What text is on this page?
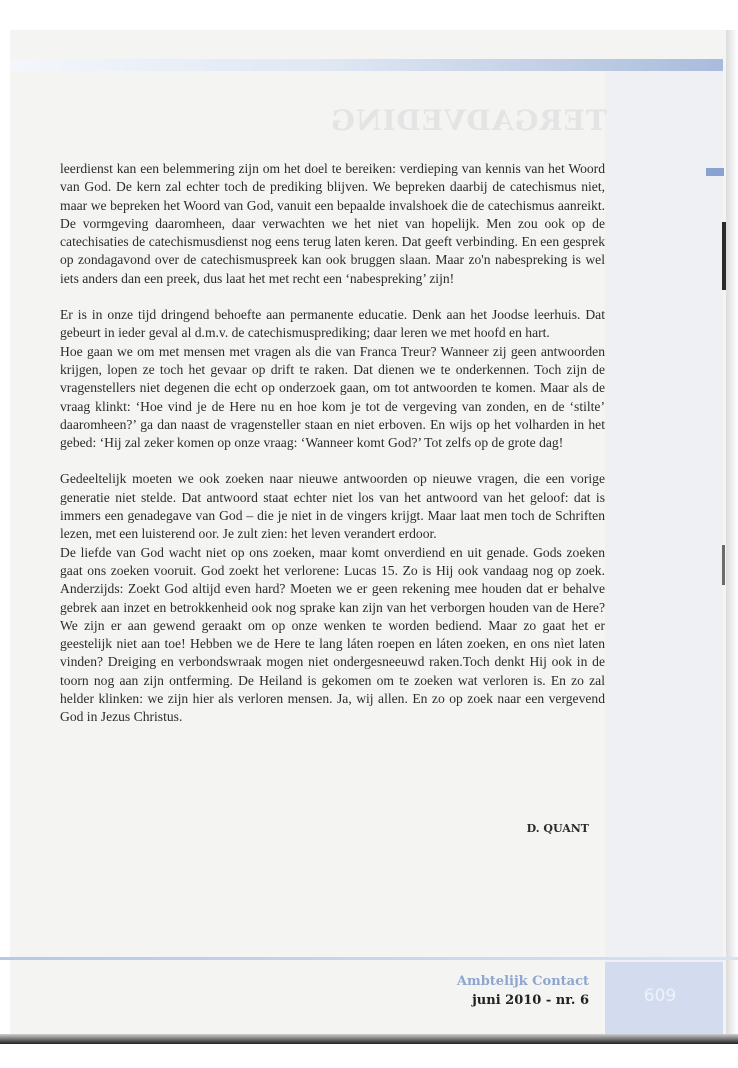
TERGADVEDING

leerdienst kan een belemmering zijn om het doel te bereiken: verdieping van kennis van het Woord van God. De kern zal echter toch de prediking blijven. We bepreken daarbij de catechismus niet, maar we bepreken het Woord van God, vanuit een bepaalde invalshoek die de catechismus aanreikt. De vormgeving daaromheen, daar verwachten we het niet van hopelijk. Men zou ook op de catechisaties de catechismusdienst nog eens terug laten keren. Dat geeft verbinding. En een gesprek op zondagavond over de catechismuspreek kan ook bruggen slaan. Maar zo'n nabespreking is wel iets anders dan een preek, dus laat het met recht een ‘nabespreking’ zijn!

Er is in onze tijd dringend behoefte aan permanente educatie. Denk aan het Joodse leerhuis. Dat gebeurt in ieder geval al d.m.v. de catechismusprediking; daar leren we met hoofd en hart.

Hoe gaan we om met mensen met vragen als die van Franca Treur? Wanneer zij geen antwoorden krijgen, lopen ze toch het gevaar op drift te raken. Dat dienen we te onderkennen. Toch zijn de vragenstellers niet degenen die echt op onderzoek gaan, om tot antwoorden te komen. Maar als de vraag klinkt: ‘Hoe vind je de Here nu en hoe kom je tot de vergeving van zonden, en de ‘stilte’ daaromheen?’ ga dan naast de vragensteller staan en niet erboven. En wijs op het volharden in het gebed: ‘Hij zal zeker komen op onze vraag: ‘Wanneer komt God?’ Tot zelfs op de grote dag!

Gedeeltelijk moeten we ook zoeken naar nieuwe antwoorden op nieuwe vragen, die een vorige generatie niet stelde. Dat antwoord staat echter niet los van het antwoord van het geloof: dat is immers een genadegave van God – die je niet in de vingers krijgt. Maar laat men toch de Schriften lezen, met een luisterend oor. Je zult zien: het leven verandert erdoor.

De liefde van God wacht niet op ons zoeken, maar komt onverdiend en uit genade. Gods zoeken gaat ons zoeken vooruit. God zoekt het verlorene: Lucas 15. Zo is Hij ook vandaag nog op zoek. Anderzijds: Zoekt God altijd even hard? Moeten we er geen rekening mee houden dat er behalve gebrek aan inzet en betrokkenheid ook nog sprake kan zijn van het verborgen houden van de Here? We zijn er aan gewend geraakt om op onze wenken te worden bediend. Maar zo gaat het er geestelijk niet aan toe! Hebben we de Here te lang láten roepen en láten zoeken, en ons nìet laten vinden? Dreiging en verbondswraak mogen niet ondergesneeuwd raken.Toch denkt Hij ook in de toorn nog aan zijn ontferming. De Heiland is gekomen om te zoeken wat verloren is. En zo zal helder klinken: we zijn hier als verloren mensen. Ja, wij allen. En zo op zoek naar een vergevend God in Jezus Christus.

D. QUANT
Ambtelijk Contact
juni 2010 - nr. 6	609
